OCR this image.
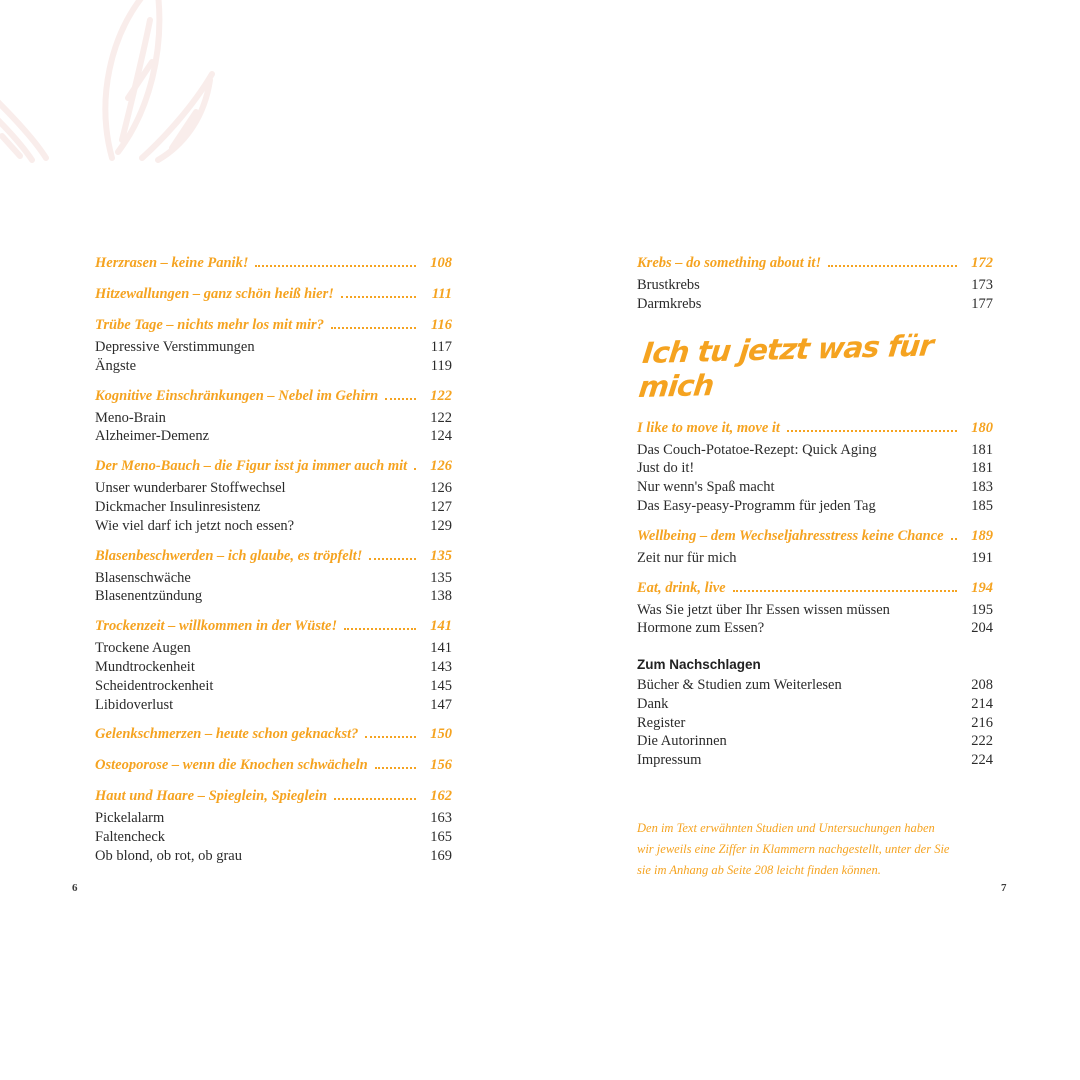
Herzrasen – keine Panik!	108
Hitzewallungen – ganz schön heiß hier!	111
Trübe Tage – nichts mehr los mit mir?	116
Depressive Verstimmungen	117
Ängste	119
Kognitive Einschränkungen – Nebel im Gehirn	122
Meno-Brain	122
Alzheimer-Demenz	124
Der Meno-Bauch – die Figur isst ja immer auch mit	126
Unser wunderbarer Stoffwechsel	126
Dickmacher Insulinresistenz	127
Wie viel darf ich jetzt noch essen?	129
Blasenbeschwerden – ich glaube, es tröpfelt!	135
Blasenschwäche	135
Blasenentzündung	138
Trockenzeit – willkommen in der Wüste!	141
Trockene Augen	141
Mundtrockenheit	143
Scheidentrockenheit	145
Libidoverlust	147
Gelenkschmerzen – heute schon geknackst?	150
Osteoporose – wenn die Knochen schwächeln	156
Haut und Haare – Spieglein, Spieglein	162
Pickelalarm	163
Faltencheck	165
Ob blond, ob rot, ob grau	169
Krebs – do something about it!	172
Brustkrebs	173
Darmkrebs	177
Ich tu jetzt was für mich
I like to move it, move it	180
Das Couch-Potatoe-Rezept: Quick Aging	181
Just do it!	181
Nur wenn's Spaß macht	183
Das Easy-peasy-Programm für jeden Tag	185
Wellbeing – dem Wechseljahresstress keine Chance	189
Zeit nur für mich	191
Eat, drink, live	194
Was Sie jetzt über Ihr Essen wissen müssen	195
Hormone zum Essen?	204
Zum Nachschlagen
Bücher & Studien zum Weiterlesen	208
Dank	214
Register	216
Die Autorinnen	222
Impressum	224
Den im Text erwähnten Studien und Untersuchungen haben
wir jeweils eine Ziffer in Klammern nachgestellt, unter der Sie
sie im Anhang ab Seite 208 leicht finden können.
6	7
